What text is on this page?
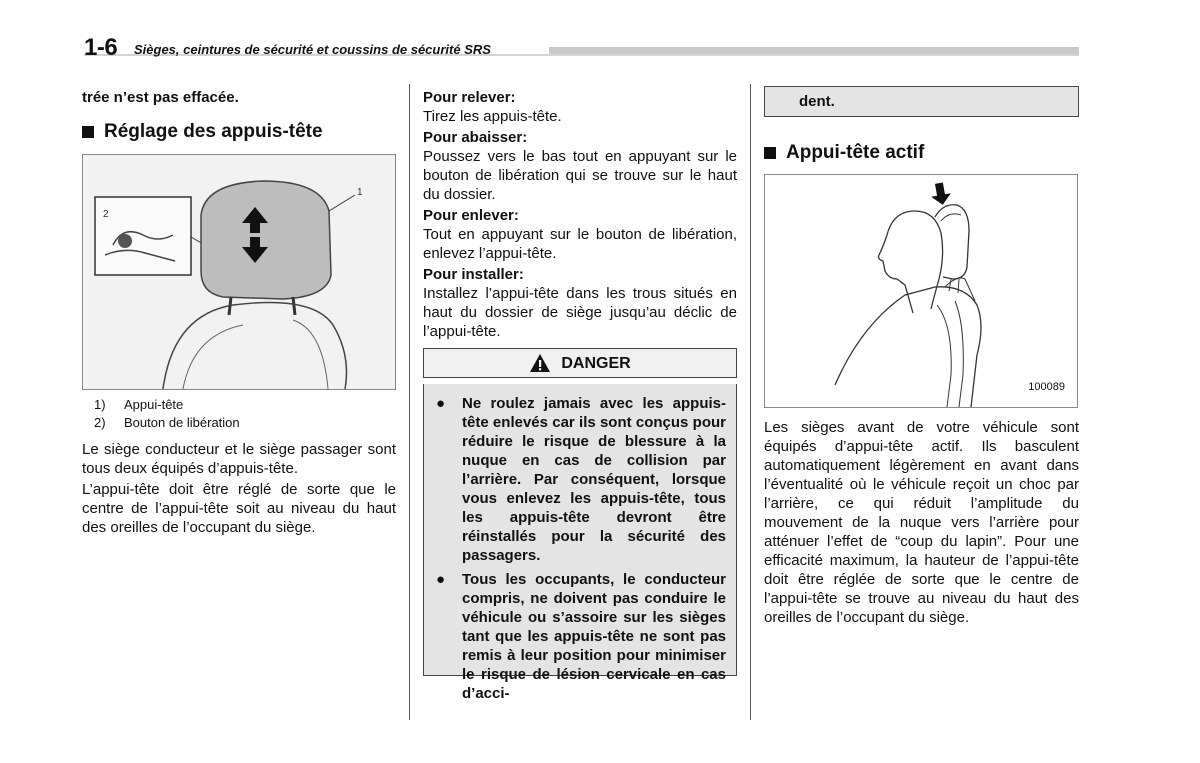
1-6 Sièges, ceintures de sécurité et coussins de sécurité SRS

trée n’est pas effacée.

Réglage des appuis-tête
2
1
1)	Appui-tête
2)	Bouton de libération

Le siège conducteur et le siège passager sont tous deux équipés d’appuis-tête.

L’appui-tête doit être réglé de sorte que le centre de l’appui-tête soit au niveau du haut des oreilles de l’occupant du siège.

Pour relever:

Tirez les appuis-tête.

Pour abaisser:

Poussez vers le bas tout en appuyant sur le bouton de libération qui se trouve sur le haut du dossier.

Pour enlever:

Tout en appuyant sur le bouton de libération, enlevez l’appui-tête.

Pour installer:

Installez l’appui-tête dans les trous situés en haut du dossier de siège jusqu’au déclic de l’appui-tête.

DANGER
●	Ne roulez jamais avec les appuis-tête enlevés car ils sont conçus pour réduire le risque de blessure à la nuque en cas de collision par l’arrière. Par conséquent, lorsque vous enlevez les appuis-tête, tous les appuis-tête devront être réinstallés pour la sécurité des passagers.
●	Tous les occupants, le conducteur compris, ne doivent pas conduire le véhicule ou s’assoire sur les sièges tant que les appuis-tête ne sont pas remis à leur position pour minimiser le risque de lésion cervicale en cas d’acci-
dent.
Appui-tête actif
100089

Les sièges avant de votre véhicule sont équipés d’appui-tête actif. Ils basculent automatiquement légèrement en avant dans l’éventualité où le véhicule reçoit un choc par l’arrière, ce qui réduit l’amplitude du mouvement de la nuque vers l’arrière pour atténuer l’effet de “coup du lapin”. Pour une efficacité maximum, la hauteur de l’appui-tête doit être réglée de sorte que le centre de l’appui-tête se trouve au niveau du haut des oreilles de l’occupant du siège.
